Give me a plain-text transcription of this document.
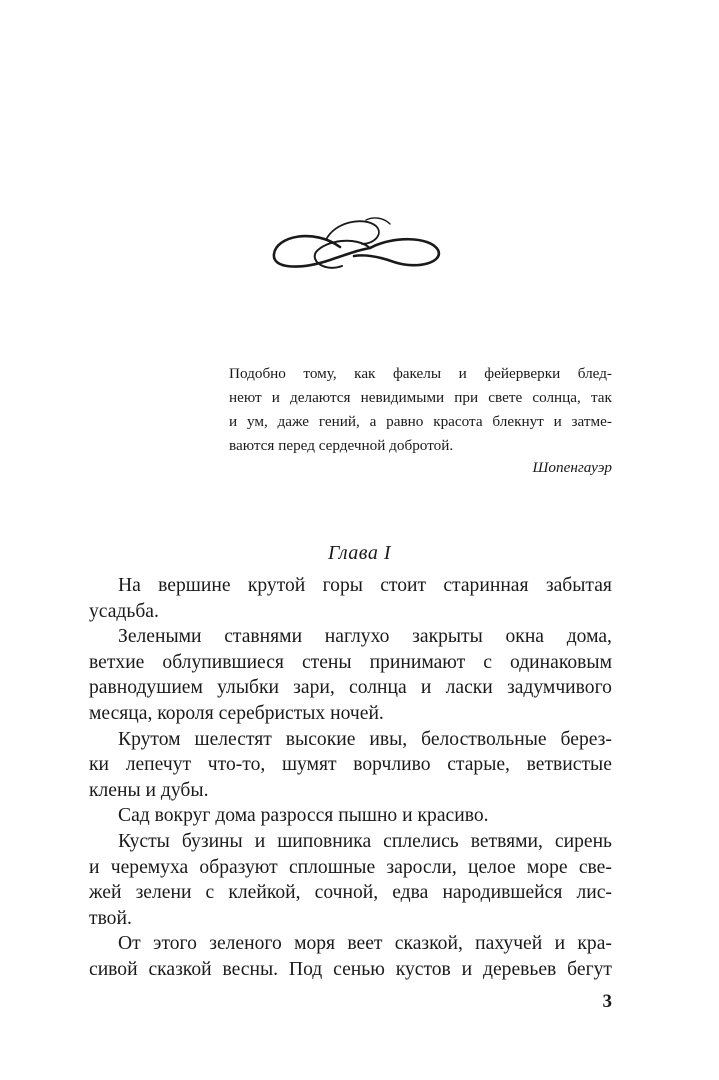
Подобно тому, как факелы и фейерверки блед-
неют и делаются невидимыми при свете солнца, так
и ум, даже гений, а равно красота блекнут и затме-
ваются перед сердечной добротой.
Шопенгауэр
Глава I
На вершине крутой горы стоит старинная забытая
усадьба.
Зелеными ставнями наглухо закрыты окна дома,
ветхие облупившиеся стены принимают с одинаковым
равнодушием улыбки зари, солнца и ласки задумчивого
месяца, короля серебристых ночей.
Крутом шелестят высокие ивы, белоствольные берез-
ки лепечут что-то, шумят ворчливо старые, ветвистые
клены и дубы.
Сад вокруг дома разросся пышно и красиво.
Кусты бузины и шиповника сплелись ветвями, сирень
и черемуха образуют сплошные заросли, целое море све-
жей зелени с клейкой, сочной, едва народившейся лис-
твой.
От этого зеленого моря веет сказкой, пахучей и кра-
сивой сказкой весны. Под сенью кустов и деревьев бегут
3
